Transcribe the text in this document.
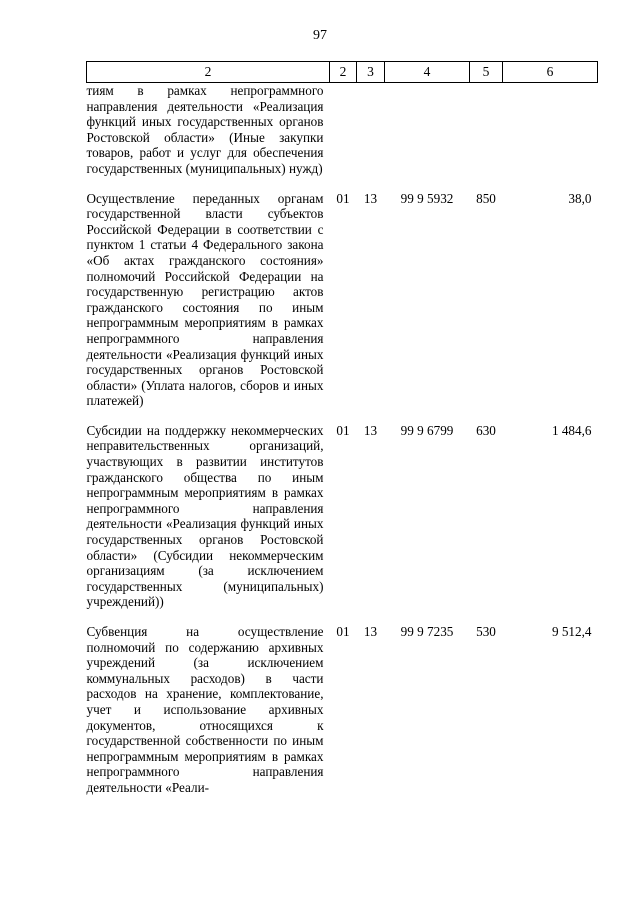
97
2	2	3	4	5	6
тиям в рамках непрограммного направления деятельности «Реализация функций иных государственных органов Ростовской области» (Иные закупки товаров, работ и услуг для обеспечения государственных (муниципальных) нужд)					

Осуществление переданных органам государственной власти субъектов Российской Федерации в соответствии с пунктом 1 статьи 4 Федерального закона «Об актах гражданского состояния» полномочий Российской Федерации на государственную регистрацию актов гражданского состояния по иным непрограммным мероприятиям в рамках непрограммного направления деятельности «Реализация функций иных государственных органов Ростовской области» (Уплата налогов, сборов и иных платежей)	01	13	99 9 5932	850	38,0

Субсидии на поддержку некоммерческих неправительственных организаций, участвующих в развитии институтов гражданского общества по иным непрограммным мероприятиям в рамках непрограммного направления деятельности «Реализация функций иных государственных органов Ростовской области» (Субсидии некоммерческим организациям (за исключением государственных (муниципальных) учреждений))	01	13	99 9 6799	630	1 484,6

Субвенция на осуществление полномочий по содержанию архивных учреждений (за исключением коммунальных расходов) в части расходов на хранение, комплектование, учет и использование архивных документов, относящихся к государственной собственности по иным непрограммным мероприятиям в рамках непрограммного направления деятельности «Реали-	01	13	99 9 7235	530	9 512,4
